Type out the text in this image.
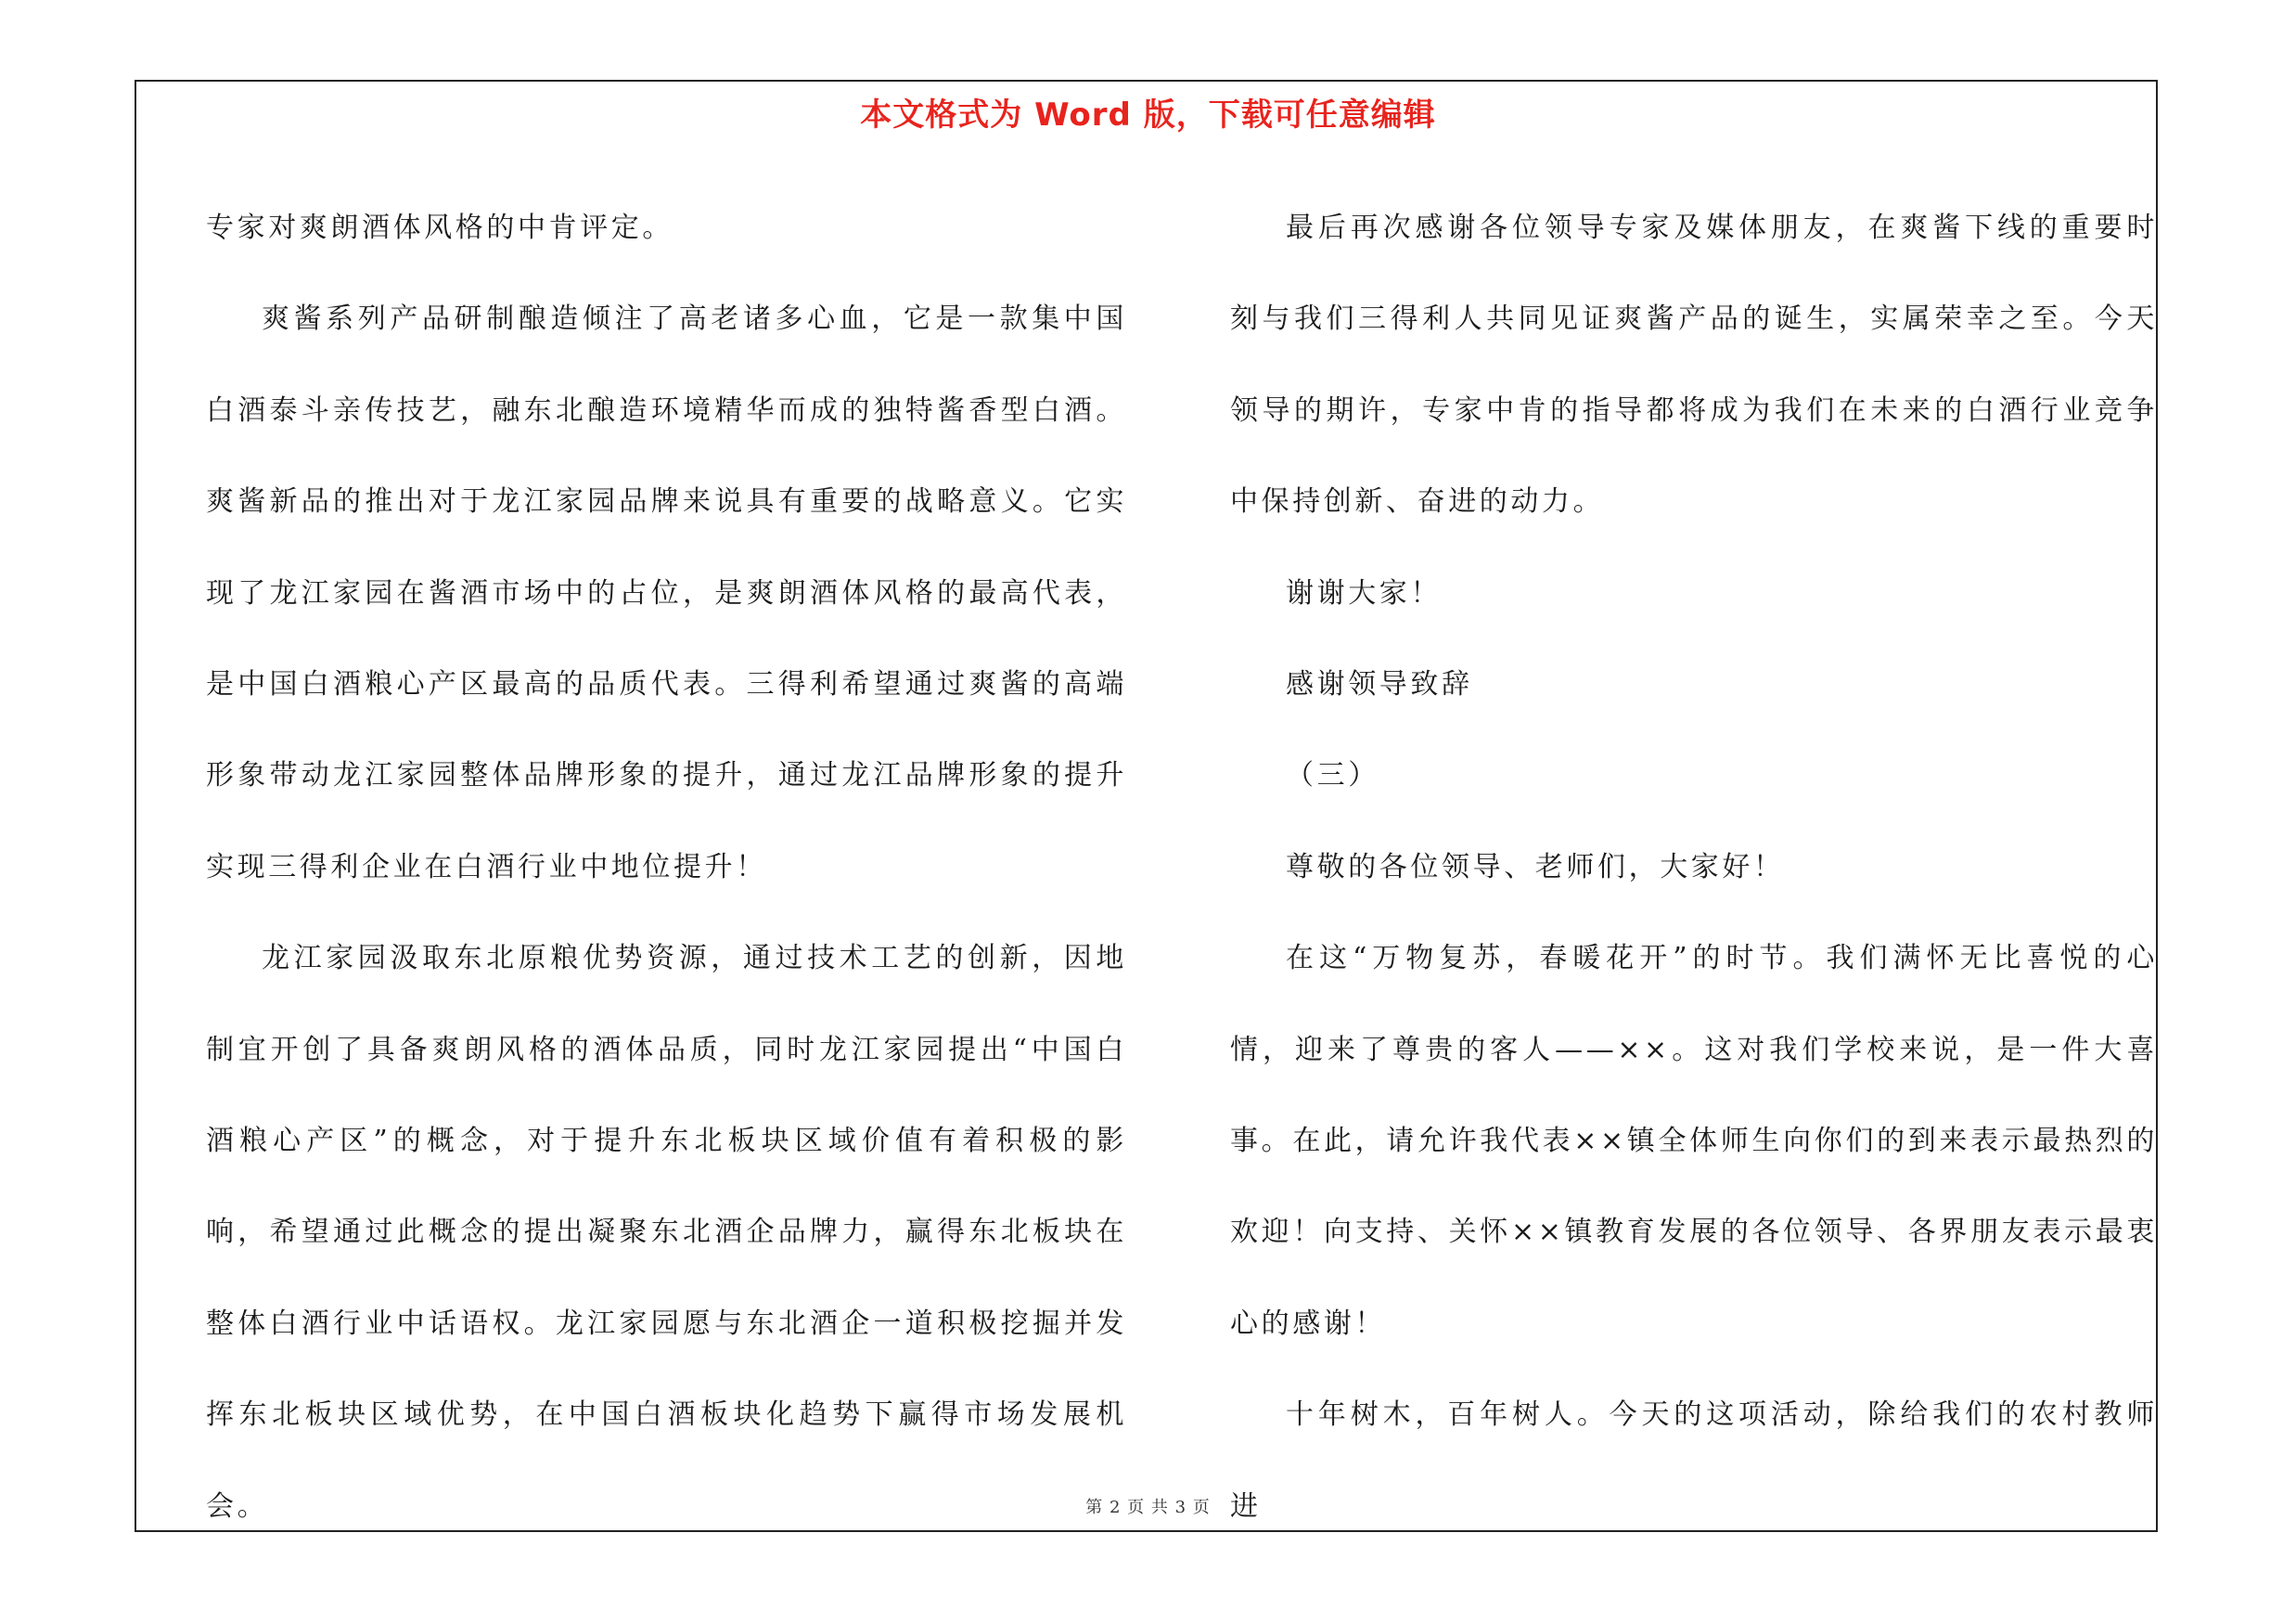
本文格式为 Word 版，下载可任意编辑

专家对爽朗酒体风格的中肯评定。

爽酱系列产品研制酿造倾注了高老诸多心血，它是一款集中国白酒泰斗亲传技艺，融东北酿造环境精华而成的独特酱香型白酒。爽酱新品的推出对于龙江家园品牌来说具有重要的战略意义。它实现了龙江家园在酱酒市场中的占位，是爽朗酒体风格的最高代表，是中国白酒粮心产区最高的品质代表。三得利希望通过爽酱的高端形象带动龙江家园整体品牌形象的提升，通过龙江品牌形象的提升实现三得利企业在白酒行业中地位提升！

龙江家园汲取东北原粮优势资源，通过技术工艺的创新，因地制宜开创了具备爽朗风格的酒体品质，同时龙江家园提出“中国白酒粮心产区”的概念，对于提升东北板块区域价值有着积极的影响，希望通过此概念的提出凝聚东北酒企品牌力，赢得东北板块在整体白酒行业中话语权。龙江家园愿与东北酒企一道积极挖掘并发挥东北板块区域优势，在中国白酒板块化趋势下赢得市场发展机会。

最后再次感谢各位领导专家及媒体朋友，在爽酱下线的重要时刻与我们三得利人共同见证爽酱产品的诞生，实属荣幸之至。今天领导的期许，专家中肯的指导都将成为我们在未来的白酒行业竞争中保持创新、奋进的动力。

谢谢大家！

感谢领导致辞

（三）

尊敬的各位领导、老师们，大家好！

在这“万物复苏，春暖花开”的时节。我们满怀无比喜悦的心情，迎来了尊贵的客人——××。这对我们学校来说，是一件大喜事。在此，请允许我代表××镇全体师生向你们的到来表示最热烈的欢迎！向支持、关怀××镇教育发展的各位领导、各界朋友表示最衷心的感谢！

十年树木，百年树人。今天的这项活动，除给我们的农村教师进

第 2 页 共 3 页
